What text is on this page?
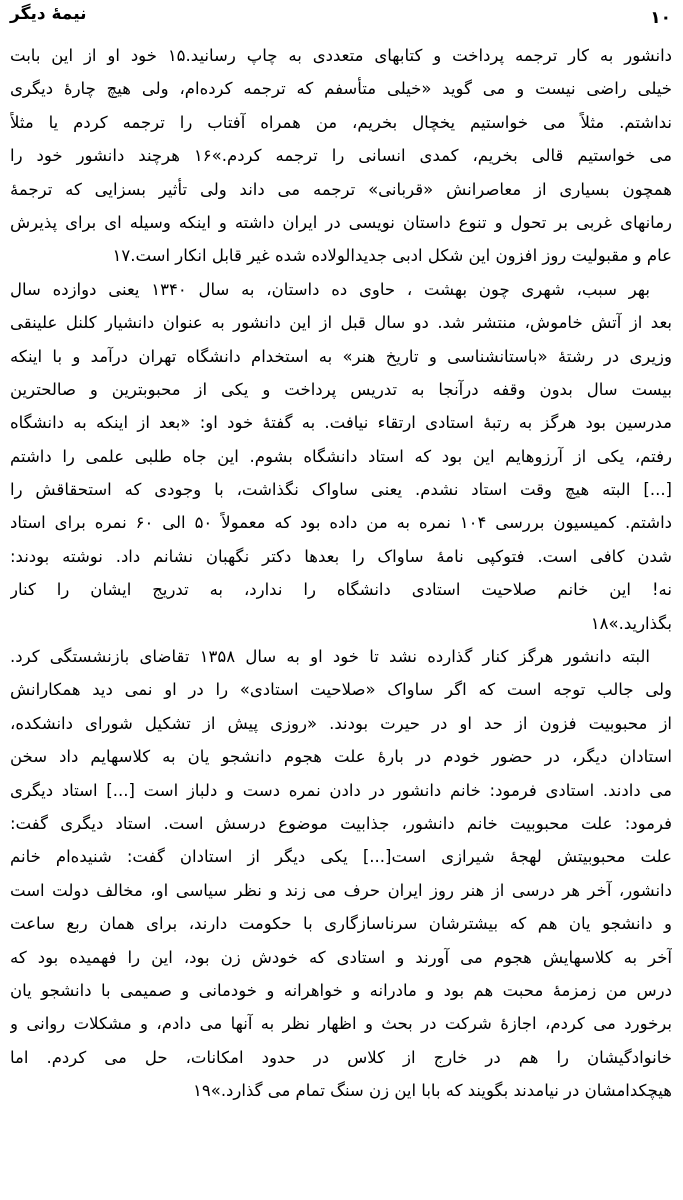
نیمهٔ دیگر	۱۰
دانشور به کار ترجمه پرداخت و کتابهای متعددی به چاپ رسانید.۱۵ خود او از این بابت
خیلی راضی نیست و می گوید «خیلی متأسفم که ترجمه کرده‌ام، ولی هیچ چارهٔ دیگری
نداشتم. مثلاً می خواستیم یخچال بخریم، من همراه آفتاب را ترجمه کردم یا مثلاً
می خواستیم قالی بخریم، کمدی انسانی را ترجمه کردم.»۱۶ هرچند دانشور خود را
همچون بسیاری از معاصرانش «قربانی» ترجمه می داند ولی تأثیر بسزایی که ترجمهٔ
رمانهای غربی بر تحول و تنوع داستان نویسی در ایران داشته و اینکه وسیله ای برای پذیرش
عام و مقبولیت روز افزون این شکل ادبی جدیدالولاده شده غیر قابل انکار است.۱۷
بهر سبب، شهری چون بهشت ، حاوی ده داستان، به سال ۱۳۴۰ یعنی دوازده سال
بعد از آتش خاموش، منتشر شد. دو سال قبل از این دانشور به عنوان دانشیار کلنل علینقی
وزیری در رشتهٔ «باستانشناسی و تاریخ هنر» به استخدام دانشگاه تهران درآمد و با اینکه
بیست سال بدون وقفه درآنجا به تدریس پرداخت و یکی از محبوبترین و صالحترین
مدرسین بود هرگز به رتبهٔ استادی ارتقاء نیافت. به گفتهٔ خود او: «بعد از اینکه به دانشگاه
رفتم، یکی از آرزوهایم این بود که استاد دانشگاه بشوم. این جاه طلبی علمی را داشتم
[...] البته هیچ وقت استاد نشدم. یعنی ساواک نگذاشت، با وجودی که استحقاقش را
داشتم. کمیسیون بررسی ۱۰۴ نمره به من داده بود که معمولاً ۵۰ الی ۶۰ نمره برای استاد
شدن کافی است. فتوکپی نامهٔ ساواک را بعدها دکتر نگهبان نشانم داد. نوشته بودند:
نه! این خانم صلاحیت استادی دانشگاه را ندارد، به تدریج ایشان را کنار
بگذارید.»۱۸
البته دانشور هرگز کنار گذارده نشد تا خود او به سال ۱۳۵۸ تقاضای بازنشستگی کرد.
ولی جالب توجه است که اگر ساواک «صلاحیت استادی» را در او نمی دید همکارانش
از محبوبیت فزون از حد او در حیرت بودند. «روزی پیش از تشکیل شورای دانشکده،
استادان دیگر، در حضور خودم در بارهٔ علت هجوم دانشجو یان به کلاسهایم داد سخن
می دادند. استادی فرمود: خانم دانشور در دادن نمره دست و دلباز است [...] استاد دیگری
فرمود: علت محبوبیت خانم دانشور، جذابیت موضوع درسش است. استاد دیگری گفت:
علت محبوبیتش لهجهٔ شیرازی است[...] یکی دیگر از استادان گفت: شنیده‌ام خانم
دانشور، آخر هر درسی از هنر روز ایران حرف می زند و نظر سیاسی او، مخالف دولت است
و دانشجو یان هم که بیشترشان سرناسازگاری با حکومت دارند، برای همان ربع ساعت
آخر به کلاسهایش هجوم می آورند و استادی که خودش زن بود، این را فهمیده بود که
درس من زمزمهٔ محبت هم بود و مادرانه و خواهرانه و خودمانی و صمیمی با دانشجو یان
برخورد می کردم، اجازهٔ شرکت در بحث و اظهار نظر به آنها می دادم، و مشکلات روانی و
خانوادگیشان را هم در خارج از کلاس در حدود امکانات، حل می کردم. اما
هیچکدامشان در نیامدند بگویند که بابا این زن سنگ تمام می گذارد.»۱۹
